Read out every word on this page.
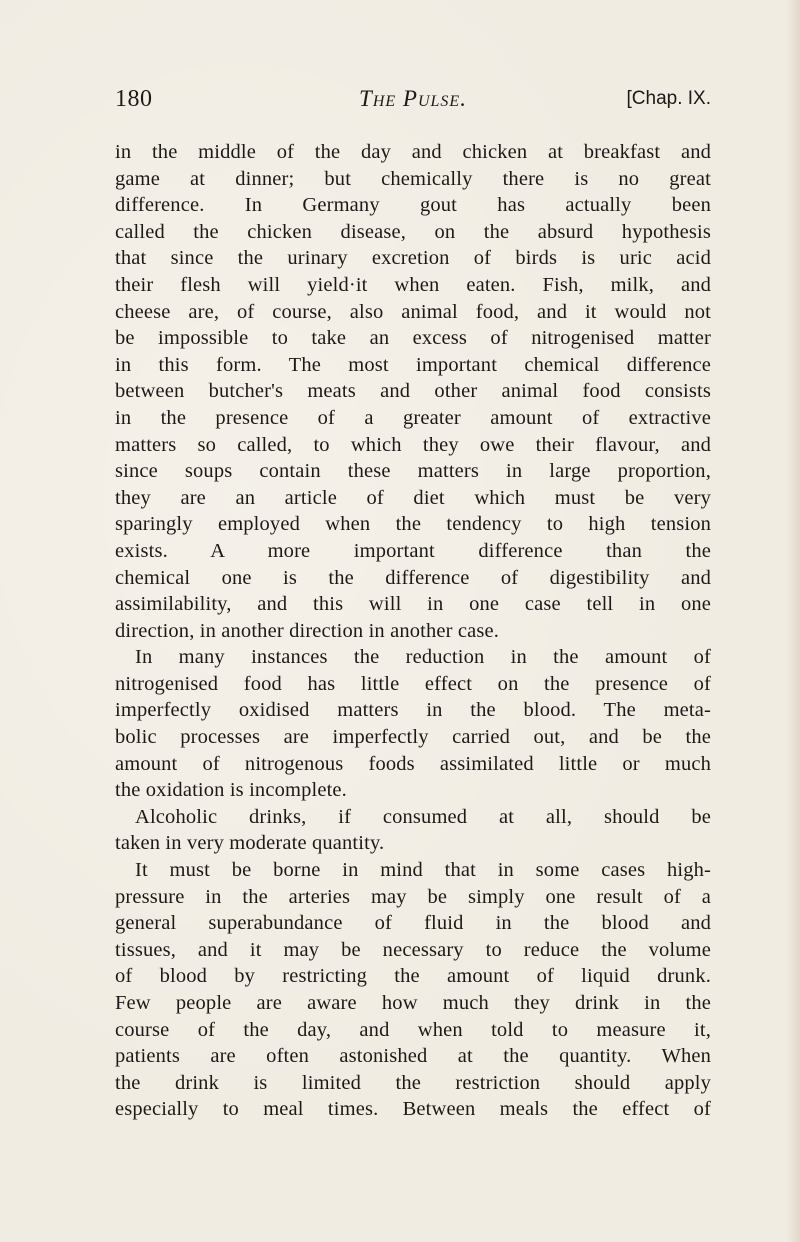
180	The Pulse.	[Chap. IX.
in the middle of the day and chicken at breakfast and
game at dinner; but chemically there is no great
difference. In Germany gout has actually been
called the chicken disease, on the absurd hypothesis
that since the urinary excretion of birds is uric acid
their flesh will yield·it when eaten. Fish, milk, and
cheese are, of course, also animal food, and it would not
be impossible to take an excess of nitrogenised matter
in this form. The most important chemical difference
between butcher's meats and other animal food consists
in the presence of a greater amount of extractive
matters so called, to which they owe their flavour, and
since soups contain these matters in large proportion,
they are an article of diet which must be very
sparingly employed when the tendency to high tension
exists. A more important difference than the
chemical one is the difference of digestibility and
assimilability, and this will in one case tell in one
direction, in another direction in another case.
In many instances the reduction in the amount of
nitrogenised food has little effect on the presence of
imperfectly oxidised matters in the blood. The meta-
bolic processes are imperfectly carried out, and be the
amount of nitrogenous foods assimilated little or much
the oxidation is incomplete.
Alcoholic drinks, if consumed at all, should be
taken in very moderate quantity.
It must be borne in mind that in some cases high-
pressure in the arteries may be simply one result of a
general superabundance of fluid in the blood and
tissues, and it may be necessary to reduce the volume
of blood by restricting the amount of liquid drunk.
Few people are aware how much they drink in the
course of the day, and when told to measure it,
patients are often astonished at the quantity. When
the drink is limited the restriction should apply
especially to meal times. Between meals the effect of
